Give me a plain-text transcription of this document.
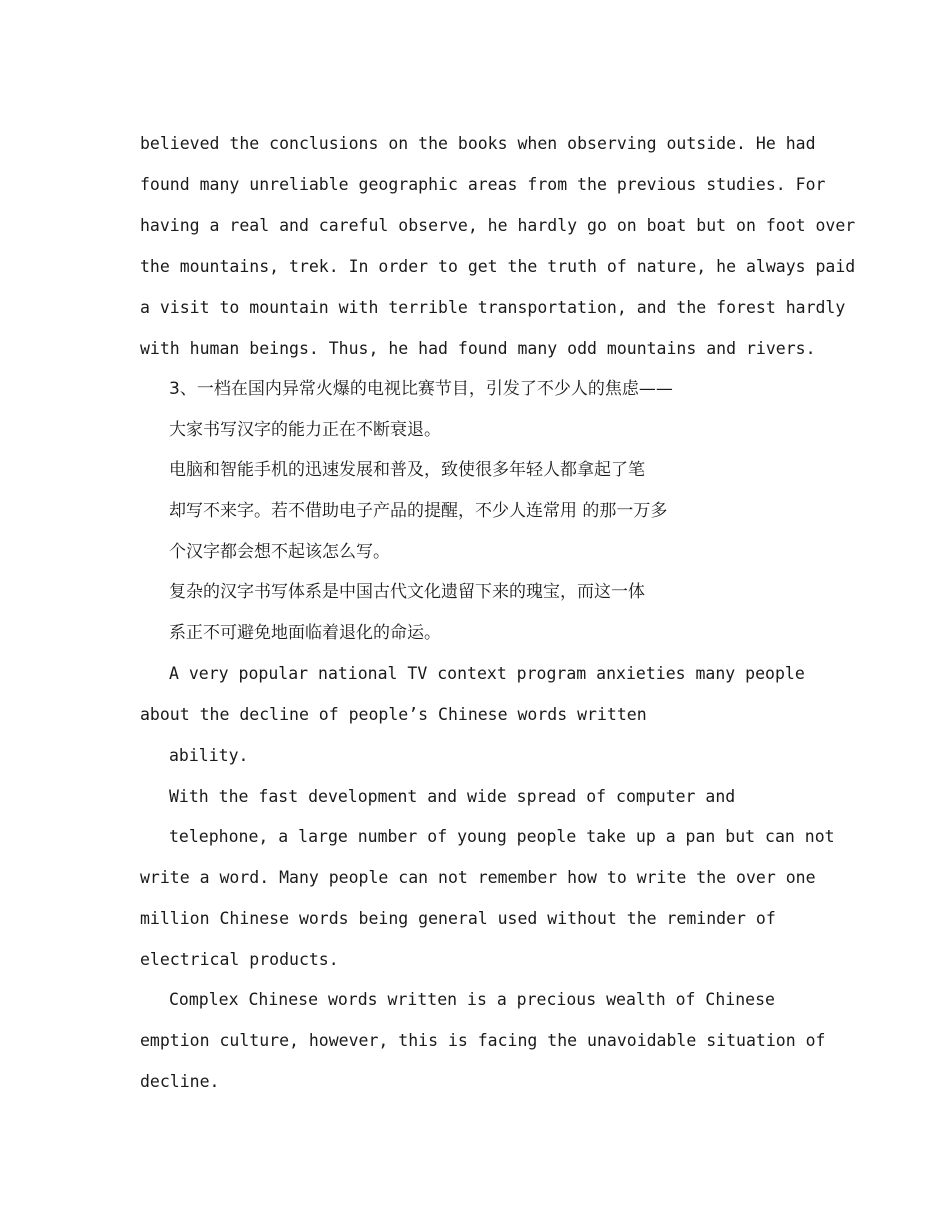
believed the conclusions on the books when observing outside. He had
found many unreliable geographic areas from the previous studies. For
having a real and careful observe, he hardly go on boat but on foot over
the mountains, trek. In order to get the truth of nature, he always paid
a visit to mountain with terrible transportation, and the forest hardly
with human beings. Thus, he had found many odd mountains and rivers.
3、一档在国内异常火爆的电视比赛节目，引发了不少人的焦虑——
大家书写汉字的能力正在不断衰退。
电脑和智能手机的迅速发展和普及，致使很多年轻人都拿起了笔
却写不来字。若不借助电子产品的提醒，不少人连常用 的那一万多
个汉字都会想不起该怎么写。
复杂的汉字书写体系是中国古代文化遗留下来的瑰宝，而这一体
系正不可避免地面临着退化的命运。
A very popular national TV context program anxieties many people
about the decline of people’s Chinese words written
ability.
With the fast development and wide spread of computer and
telephone, a large number of young people take up a pan but can not
write a word. Many people can not remember how to write the over one
million Chinese words being general used without the reminder of
electrical products.
Complex Chinese words written is a precious wealth of Chinese
emption culture, however, this is facing the unavoidable situation of
decline.
